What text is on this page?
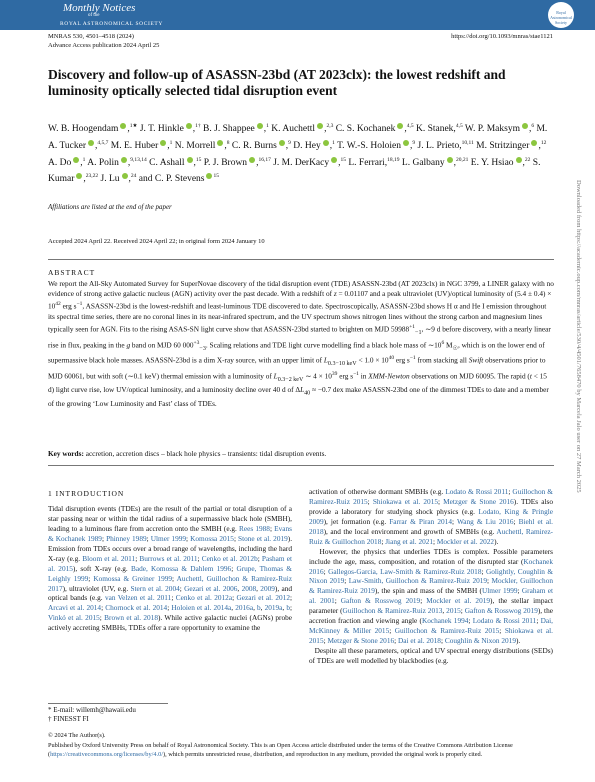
Monthly Notices
of the
ROYAL ASTRONOMICAL SOCIETY
Royal Astronomical Society
MNRAS 530, 4501–4518 (2024)
Advance Access publication 2024 April 25
https://doi.org/10.1093/mnras/stae1121
Discovery and follow-up of ASASSN-23bd (AT 2023clx): the lowest redshift and luminosity optically selected tidal disruption event
W. B. Hoogendam ,$^{1★}$ J. T. Hinkle ,$^{1\dagger}$ B. J. Shappee ,$^1$ K. Auchettl ,$^{2,3}$ C. S. Kochanek ,$^{4,5}$ K. Stanek,$^{4,5}$ W. P. Maksym ,$^6$ M. A. Tucker ,$^{4,5,7}$ M. E. Huber ,$^1$ N. Morrell ,$^8$ C. R. Burns ,$^9$ D. Hey ,$^1$ T. W.-S. Holoien ,$^9$ J. L. Prieto,$^{10,11}$ M. Stritzinger ,$^{12}$ A. Do ,$^1$ A. Polin ,$^{9,13,14}$ C. Ashall ,$^{15}$ P. J. Brown ,$^{16,17}$ J. M. DerKacy ,$^{15}$ L. Ferrari,$^{18,19}$ L. Galbany ,$^{20,21}$ E. Y. Hsiao ,$^{22}$ S. Kumar ,$^{23,22}$ J. Lu ,$^{24}$ and C. P. Stevens $^{15}$
Affiliations are listed at the end of the paper
Accepted 2024 April 22. Received 2024 April 22; in original form 2024 January 10
ABSTRACT
We report the All-Sky Automated Survey for SuperNovae discovery of the tidal disruption event (TDE) ASASSN-23bd (AT 2023clx) in NGC 3799, a LINER galaxy with no evidence of strong active galactic nucleus (AGN) activity over the past decade. With a redshift of z = 0.01107 and a peak ultraviolet (UV)/optical luminosity of $(5.4 \pm 0.4) \times 10^{42}$ erg $s^{-1}$, ASASSN-23bd is the lowest-redshift and least-luminous TDE discovered to date. Spectroscopically, ASASSN-23bd shows H α and He I emission throughout its spectral time series, there are no coronal lines in its near-infrared spectrum, and the UV spectrum shows nitrogen lines without the strong carbon and magnesium lines typically seen for AGN. Fits to the rising ASAS-SN light curve show that ASASSN-23bd started to brighten on MJD $59988^{+1}_{-1}$, ∼9 d before discovery, with a nearly linear rise in flux, peaking in the g band on MJD 60 $000^{+3}_{-3}$. Scaling relations and TDE light curve modelling find a black hole mass of $\sim 10^6$ $M_☉$, which is on the lower end of supermassive black hole masses. ASASSN-23bd is a dim X-ray source, with an upper limit of $L_{0.3-10 keV} < 1.0 \times 10^{40}$ erg $s^{-1}$ from stacking all Swift observations prior to MJD 60061, but with soft (∼0.1 keV) thermal emission with a luminosity of $L_{0.3-2 keV}$ ∼ $4 \times 10^{39}$ erg $s^{-1}$ in XMM-Newton observations on MJD 60095. The rapid (t < 15 d) light curve rise, low UV/optical luminosity, and a luminosity decline over 40 d of $\Delta L_{40} \approx -0.7$ dex make ASASSN-23bd one of the dimmest TDEs to date and a member of the growing ‘Low Luminosity and Fast’ class of TDEs.
Key words: accretion, accretion discs – black hole physics – transients: tidal disruption events.	Downloaded from https://academic.oup.com/mnras/article/530/4/4501/7658470 by Marcela Jalo user on 27 March 2025
1 INTRODUCTION
Tidal disruption events (TDEs) are the result of the partial or total disruption of a star passing near or within the tidal radius of a supermassive black hole (SMBH), leading to a luminous flare from accretion onto the SMBH (e.g. Rees 1988; Evans & Kochanek 1989; Phinney 1989; Ulmer 1999; Komossa 2015; Stone et al. 2019). Emission from TDEs occurs over a broad range of wavelengths, including the hard X-ray (e.g. Bloom et al. 2011; Burrows et al. 2011; Cenko et al. 2012b; Pasham et al. 2015), soft X-ray (e.g. Bade, Komossa & Dahlem 1996; Grupe, Thomas & Leighly 1999; Komossa & Greiner 1999; Auchettl, Guillochon & Ramirez-Ruiz 2017), ultraviolet (UV, e.g. Stern et al. 2004; Gezari et al. 2006, 2008, 2009), and optical bands (e.g. van Velzen et al. 2011; Cenko et al. 2012a; Gezari et al. 2012; Arcavi et al. 2014; Chornock et al. 2014; Holoien et al. 2014a, 2016a, b, 2019a, b; Vinkó et al. 2015; Brown et al. 2018). While active galactic nuclei (AGNs) probe actively accreting SMBHs, TDEs offer a rare opportunity to examine the
activation of otherwise dormant SMBHs (e.g. Lodato & Rossi 2011; Guillochon & Ramirez-Ruiz 2015; Shiokawa et al. 2015; Metzger & Stone 2016). TDEs also provide a laboratory for studying shock physics (e.g. Lodato, King & Pringle 2009), jet formation (e.g. Farrar & Piran 2014; Wang & Liu 2016; Biehl et al. 2018), and the local environment and growth of SMBHs (e.g. Auchettl, Ramirez-Ruiz & Guillochon 2018; Jiang et al. 2021; Mockler et al. 2022).
However, the physics that underlies TDEs is complex. Possible parameters include the age, mass, composition, and rotation of the disrupted star (Kochanek 2016; Gallegos-Garcia, Law-Smith & Ramirez-Ruiz 2018; Golightly, Coughlin & Nixon 2019; Law-Smith, Guillochon & Ramirez-Ruiz 2019; Mockler, Guillochon & Ramirez-Ruiz 2019), the spin and mass of the SMBH (Ulmer 1999; Graham et al. 2001; Gafton & Rosswog 2019; Mockler et al. 2019), the stellar impact parameter (Guillochon & Ramirez-Ruiz 2013, 2015; Gafton & Rosswog 2019), the accretion fraction and viewing angle (Kochanek 1994; Lodato & Rossi 2011; Dai, McKinney & Miller 2015; Guillochon & Ramirez-Ruiz 2015; Shiokawa et al. 2015; Metzger & Stone 2016; Dai et al. 2018; Coughlin & Nixon 2019).
Despite all these parameters, optical and UV spectral energy distributions (SEDs) of TDEs are well modelled by blackbodies (e.g.
* E-mail: willemh@hawaii.edu
† FINESST FI
© 2024 The Author(s).
Published by Oxford University Press on behalf of Royal Astronomical Society. This is an Open Access article distributed under the terms of the Creative Commons Attribution License (https://creativecommons.org/licenses/by/4.0/), which permits unrestricted reuse, distribution, and reproduction in any medium, provided the original work is properly cited.
